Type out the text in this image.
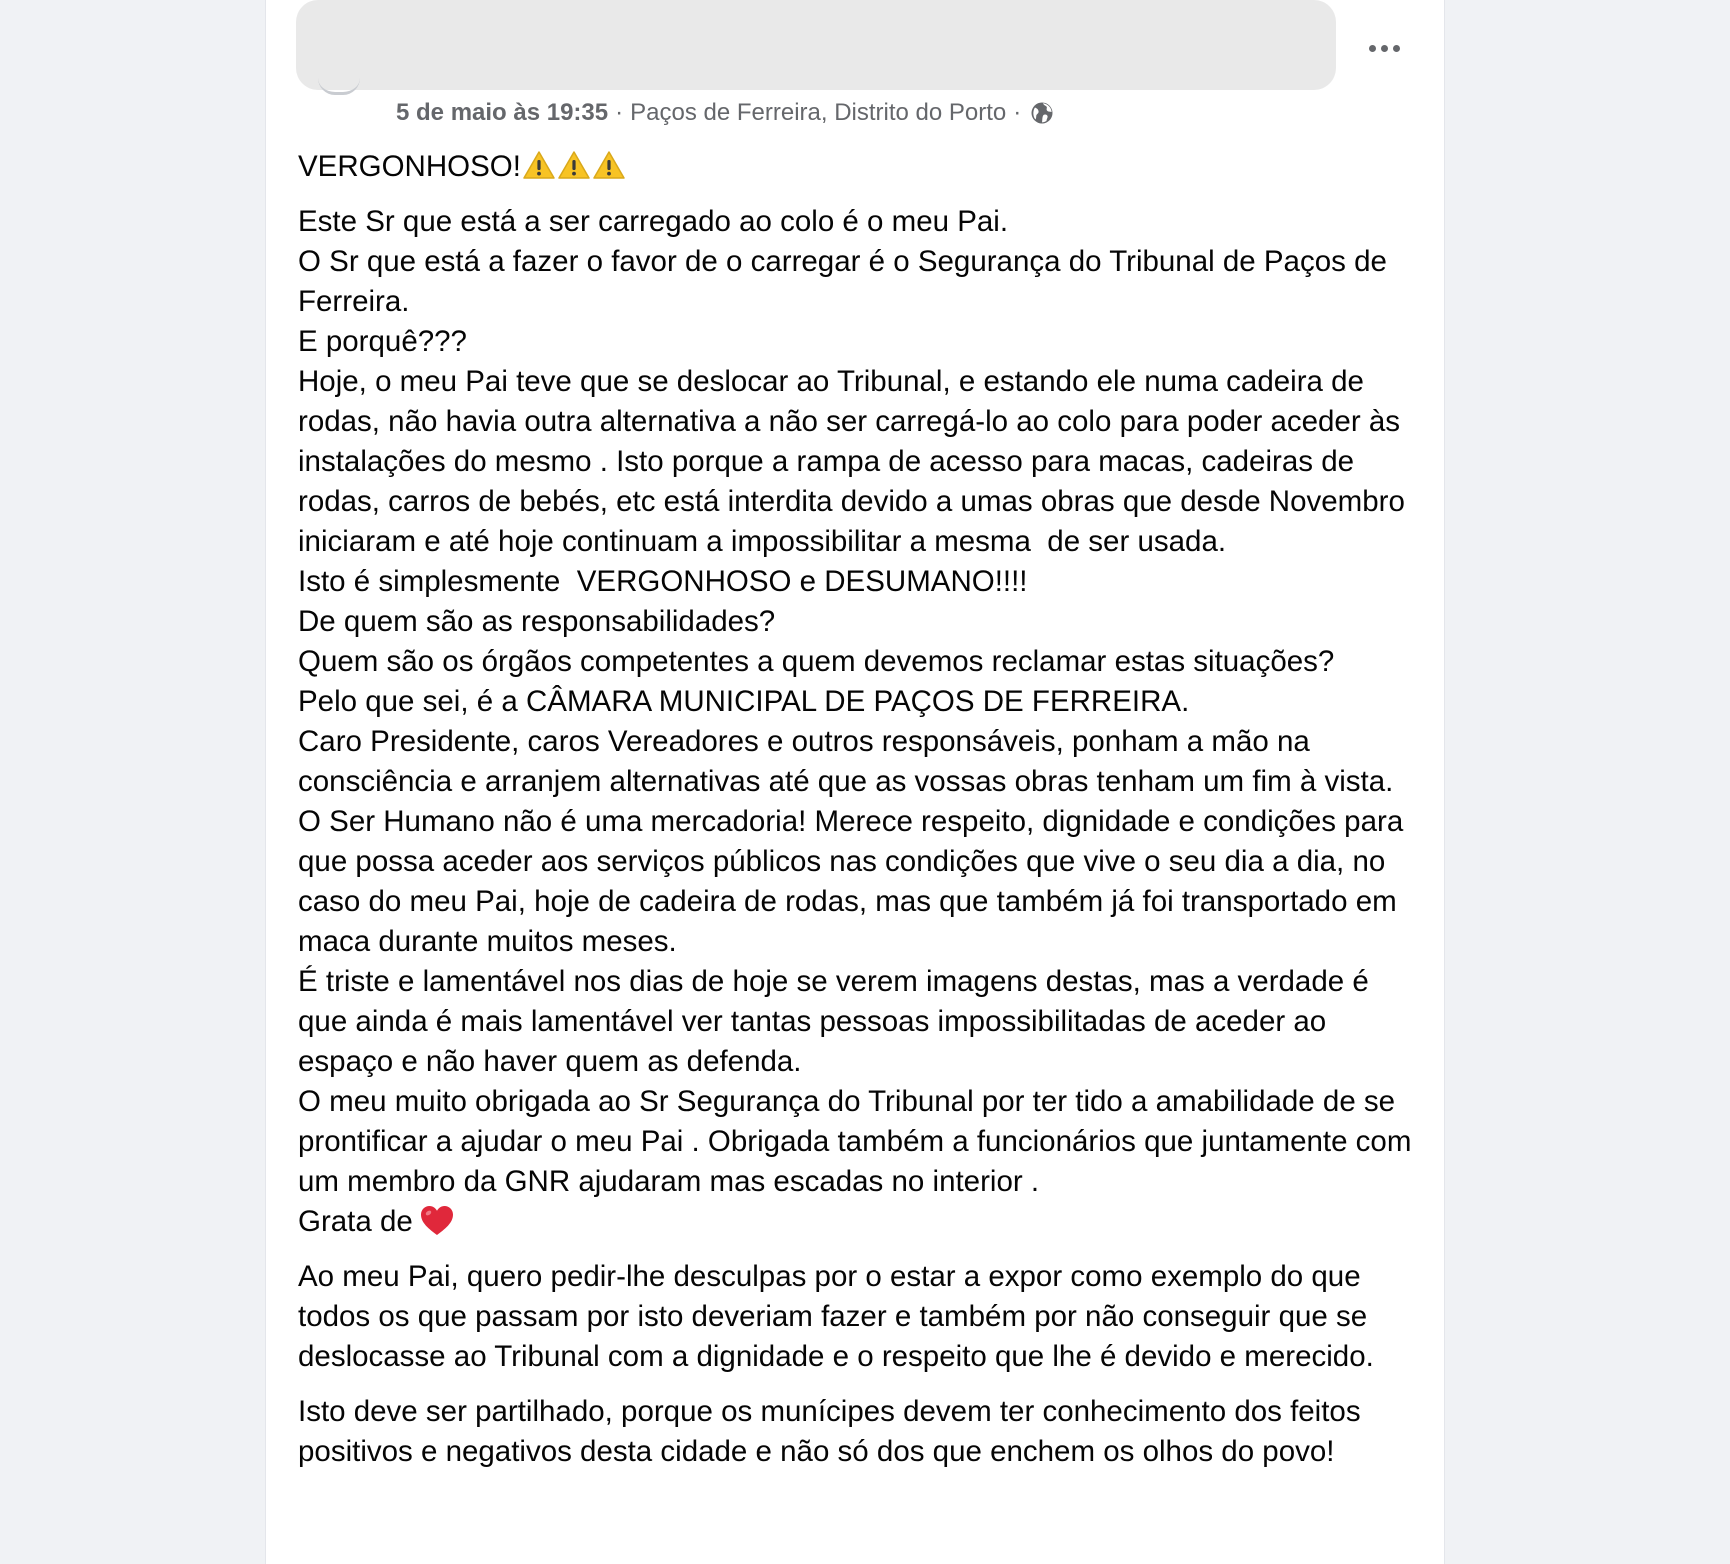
5 de maio às 19:35 · Paços de Ferreira, Distrito do Porto ·

VERGONHOSO!

Este Sr que está a ser carregado ao colo é o meu Pai.
O Sr que está a fazer o favor de o carregar é o Segurança do Tribunal de Paços de Ferreira.
E porquê???
Hoje, o meu Pai teve que se deslocar ao Tribunal, e estando ele numa cadeira de rodas, não havia outra alternativa a não ser carregá-lo ao colo para poder aceder às instalações do mesmo . Isto porque a rampa de acesso para macas, cadeiras de rodas, carros de bebés, etc está interdita devido a umas obras que desde Novembro iniciaram e até hoje continuam a impossibilitar a mesma  de ser usada.
Isto é simplesmente  VERGONHOSO e DESUMANO!!!!
De quem são as responsabilidades?
Quem são os órgãos competentes a quem devemos reclamar estas situações?
Pelo que sei, é a CÂMARA MUNICIPAL DE PAÇOS DE FERREIRA.
Caro Presidente, caros Vereadores e outros responsáveis, ponham a mão na consciência e arranjem alternativas até que as vossas obras tenham um fim à vista.
O Ser Humano não é uma mercadoria! Merece respeito, dignidade e condições para que possa aceder aos serviços públicos nas condições que vive o seu dia a dia, no caso do meu Pai, hoje de cadeira de rodas, mas que também já foi transportado em maca durante muitos meses.
É triste e lamentável nos dias de hoje se verem imagens destas, mas a verdade é que ainda é mais lamentável ver tantas pessoas impossibilitadas de aceder ao espaço e não haver quem as defenda.
O meu muito obrigada ao Sr Segurança do Tribunal por ter tido a amabilidade de se prontificar a ajudar o meu Pai . Obrigada também a funcionários que juntamente com um membro da GNR ajudaram mas escadas no interior .
Grata de

Ao meu Pai, quero pedir-lhe desculpas por o estar a expor como exemplo do que todos os que passam por isto deveriam fazer e também por não conseguir que se deslocasse ao Tribunal com a dignidade e o respeito que lhe é devido e merecido.

Isto deve ser partilhado, porque os munícipes devem ter conhecimento dos feitos positivos e negativos desta cidade e não só dos que enchem os olhos do povo!
